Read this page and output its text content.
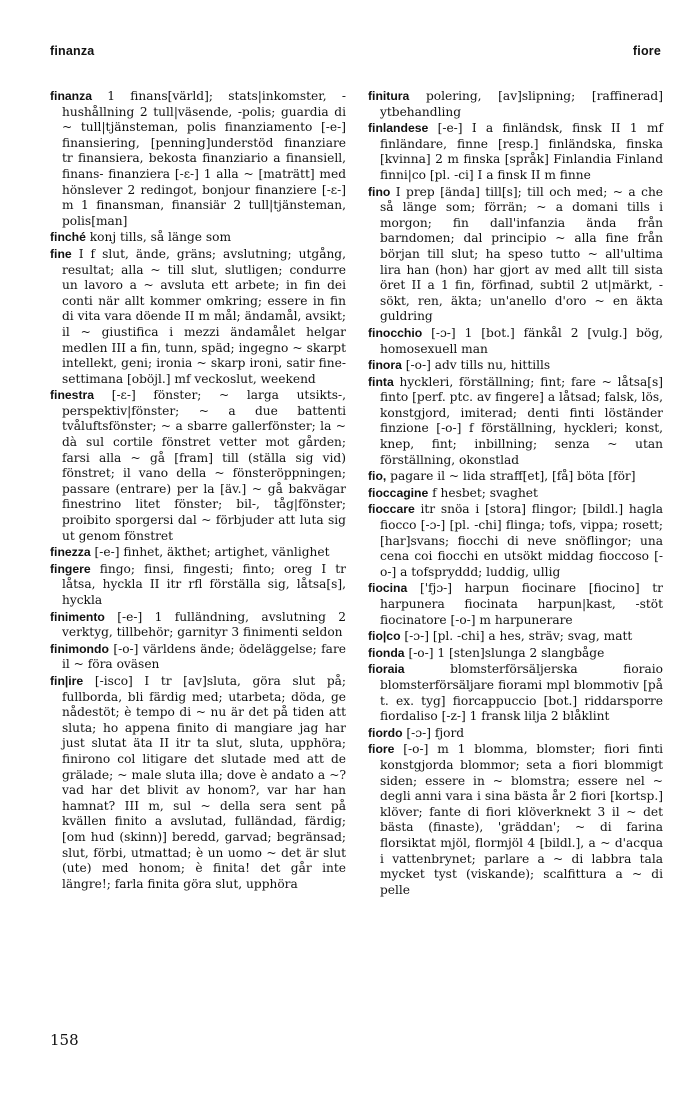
finanza	fiore

finanza 1 finans[värld]; stats|inkomster, -hushållning 2 tull|väsende, -polis; guardia di ~ tull|tjänsteman, polis finanziamento [-e-] finansiering, [penning]understöd finanziare tr finansiera, bekosta finanziario a finansiell, finans- finanziera [-ɛ-] 1 alla ~ [maträtt] med hönslever 2 redingot, bonjour finanziere [-ɛ-] m 1 finansman, finansiär 2 tull|tjänsteman, polis[man]

finché konj tills, så länge som

fine I f slut, ände, gräns; avslutning; utgång, resultat; alla ~ till slut, slutligen; condurre un lavoro a ~ avsluta ett arbete; in fin dei conti när allt kommer omkring; essere in fin di vita vara döende II m mål; ändamål, avsikt; il ~ giustifica i mezzi ändamålet helgar medlen III a fin, tunn, späd; ingegno ~ skarpt intellekt, geni; ironia ~ skarp ironi, satir fine-settimana [oböjl.] mf veckoslut, weekend

finestra [-ɛ-] fönster; ~ larga utsikts-, perspektiv|fönster; ~ a due battenti tvåluftsfönster; ~ a sbarre gallerfönster; la ~ dà sul cortile fönstret vetter mot gården; farsi alla ~ gå [fram] till (ställa sig vid) fönstret; il vano della ~ fönsteröppningen; passare (entrare) per la [äv.] ~ gå bakvägar finestrino litet fönster; bil-, tåg|fönster; proibito sporgersi dal ~ förbjuder att luta sig ut genom fönstret

finezza [-e-] finhet, äkthet; artighet, vänlighet

fingere fingo; finsi, fingesti; finto; oreg I tr låtsa, hyckla II itr rfl förställa sig, låtsa[s], hyckla

finimento [-e-] 1 fulländning, avslutning 2 verktyg, tillbehör; garnityr 3 finimenti seldon

finimondo [-o-] världens ände; ödeläggelse; fare il ~ föra oväsen

fin|ire [-isco] I tr [av]sluta, göra slut på; fullborda, bli färdig med; utarbeta; döda, ge nådestöt; è tempo di ~ nu är det på tiden att sluta; ho appena finito di mangiare jag har just slutat äta II itr ta slut, sluta, upphöra; finirono col litigare det slutade med att de grälade; ~ male sluta illa; dove è andato a ~? vad har det blivit av honom?, var har han hamnat? III m, sul ~ della sera sent på kvällen finito a avslutad, fulländad, färdig; [om hud (skinn)] beredd, garvad; begränsad; slut, förbi, utmattad; è un uomo ~ det är slut (ute) med honom; è finita! det går inte längre!; farla finita göra slut, upphöra

finitura polering, [av]slipning; [raffinerad] ytbehandling

finlandese [-e-] I a finländsk, finsk II 1 mf finländare, finne [resp.] finländska, finska [kvinna] 2 m finska [språk] Finlandia Finland finni|co [pl. -ci] I a finsk II m finne

fino I prep [ända] till[s]; till och med; ~ a che så länge som; förrän; ~ a domani tills i morgon; fin dall'infanzia ända från barndomen; dal principio ~ alla fine från början till slut; ha speso tutto ~ all'ultima lira han (hon) har gjort av med allt till sista öret II a 1 fin, förfinad, subtil 2 ut|märkt, -sökt, ren, äkta; un'anello d'oro ~ en äkta guldring

finocchio [-ɔ-] 1 [bot.] fänkål 2 [vulg.] bög, homosexuell man

finora [-o-] adv tills nu, hittills

finta hyckleri, förställning; fint; fare ~ låtsa[s] finto [perf. ptc. av fingere] a låtsad; falsk, lös, konstgjord, imiterad; denti finti löständer finzione [-o-] f förställning, hyckleri; konst, knep, fint; inbillning; senza ~ utan förställning, okonstlad

fio, pagare il ~ lida straff[et], [få] böta [för]

fioccagine f hesbet; svaghet

fioccare itr snöa i [stora] flingor; [bildl.] hagla fiocco [-ɔ-] [pl. -chi] flinga; tofs, vippa; rosett; [har]svans; fiocchi di neve snöflingor; una cena coi fiocchi en utsökt middag fioccoso [-o-] a tofspryddd; luddig, ullig

fiocina ['fjɔ-] harpun fiocinare [fiocino] tr harpunera fiocinata harpun|kast, -stöt fiocinatore [-o-] m harpunerare

fio|co [-ɔ-] [pl. -chi] a hes, sträv; svag, matt

fionda [-o-] 1 [sten]slunga 2 slangbåge

fioraia	blomsterförsäljerska fioraio blomsterförsäljare fiorami mpl blommotiv [på t. ex. tyg] fiorcappuccio [bot.] riddarsporre fiordaliso [-z-] 1 fransk lilja 2 blåklint

fiordo [-ɔ-] fjord

fiore [-o-] m 1 blomma, blomster; fiori finti konstgjorda blommor; seta a fiori blommigt siden; essere in ~ blomstra; essere nel ~ degli anni vara i sina bästa år 2 fiori [kortsp.] klöver; fante di fiori klöverknekt 3 il ~ det bästa (finaste), 'gräddan'; ~ di farina florsiktat mjöl, flormjöl 4 [bildl.], a ~ d'acqua i vattenbrynet; parlare a ~ di labbra tala mycket tyst (viskande); scalfittura a ~ di pelle

158
